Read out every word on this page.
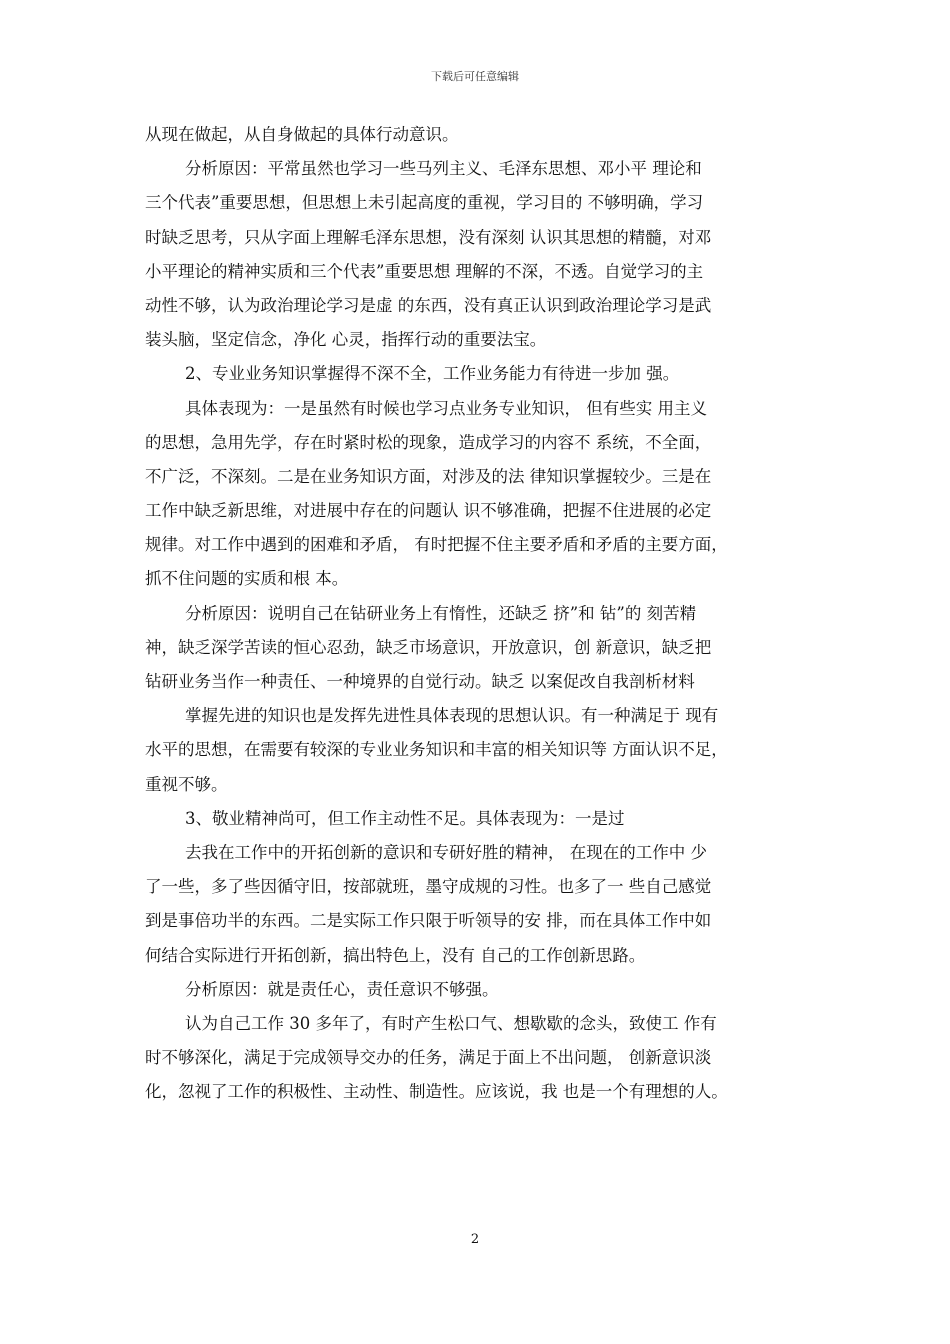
下载后可任意编辑
从现在做起，从自身做起的具体行动意识。
分析原因：平常虽然也学习一些马列主义、毛泽东思想、邓小平 理论和
三个代表”重要思想，但思想上未引起高度的重视，学习目的 不够明确，学习
时缺乏思考，只从字面上理解毛泽东思想，没有深刻 认识其思想的精髓，对邓
小平理论的精神实质和三个代表”重要思想 理解的不深，不透。自觉学习的主
动性不够，认为政治理论学习是虚 的东西，没有真正认识到政治理论学习是武
装头脑，坚定信念，净化 心灵，指挥行动的重要法宝。
2、专业业务知识掌握得不深不全，工作业务能力有待进一步加 强。
具体表现为：一是虽然有时候也学习点业务专业知识， 但有些实 用主义
的思想，急用先学，存在时紧时松的现象，造成学习的内容不 系统，不全面，
不广泛，不深刻。二是在业务知识方面，对涉及的法 律知识掌握较少。三是在
工作中缺乏新思维，对进展中存在的问题认 识不够准确，把握不住进展的必定
规律。对工作中遇到的困难和矛盾， 有时把握不住主要矛盾和矛盾的主要方面，
抓不住问题的实质和根 本。
分析原因：说明自己在钻研业务上有惰性，还缺乏 挤”和 钻”的 刻苦精
神，缺乏深学苦读的恒心忍劲，缺乏市场意识，开放意识，创 新意识，缺乏把
钻研业务当作一种责任、一种境界的自觉行动。缺乏 以案促改自我剖析材料
掌握先进的知识也是发挥先进性具体表现的思想认识。有一种满足于 现有
水平的思想，在需要有较深的专业业务知识和丰富的相关知识等 方面认识不足，
重视不够。
3、敬业精神尚可，但工作主动性不足。具体表现为：一是过
去我在工作中的开拓创新的意识和专研好胜的精神， 在现在的工作中 少
了一些，多了些因循守旧，按部就班，墨守成规的习性。也多了一 些自己感觉
到是事倍功半的东西。二是实际工作只限于听领导的安 排，而在具体工作中如
何结合实际进行开拓创新，搞出特色上，没有 自己的工作创新思路。
分析原因：就是责任心，责任意识不够强。
认为自己工作 30 多年了，有时产生松口气、想歇歇的念头，致使工 作有
时不够深化，满足于完成领导交办的任务，满足于面上不出问题， 创新意识淡
化，忽视了工作的积极性、主动性、制造性。应该说，我 也是一个有理想的人。
2
